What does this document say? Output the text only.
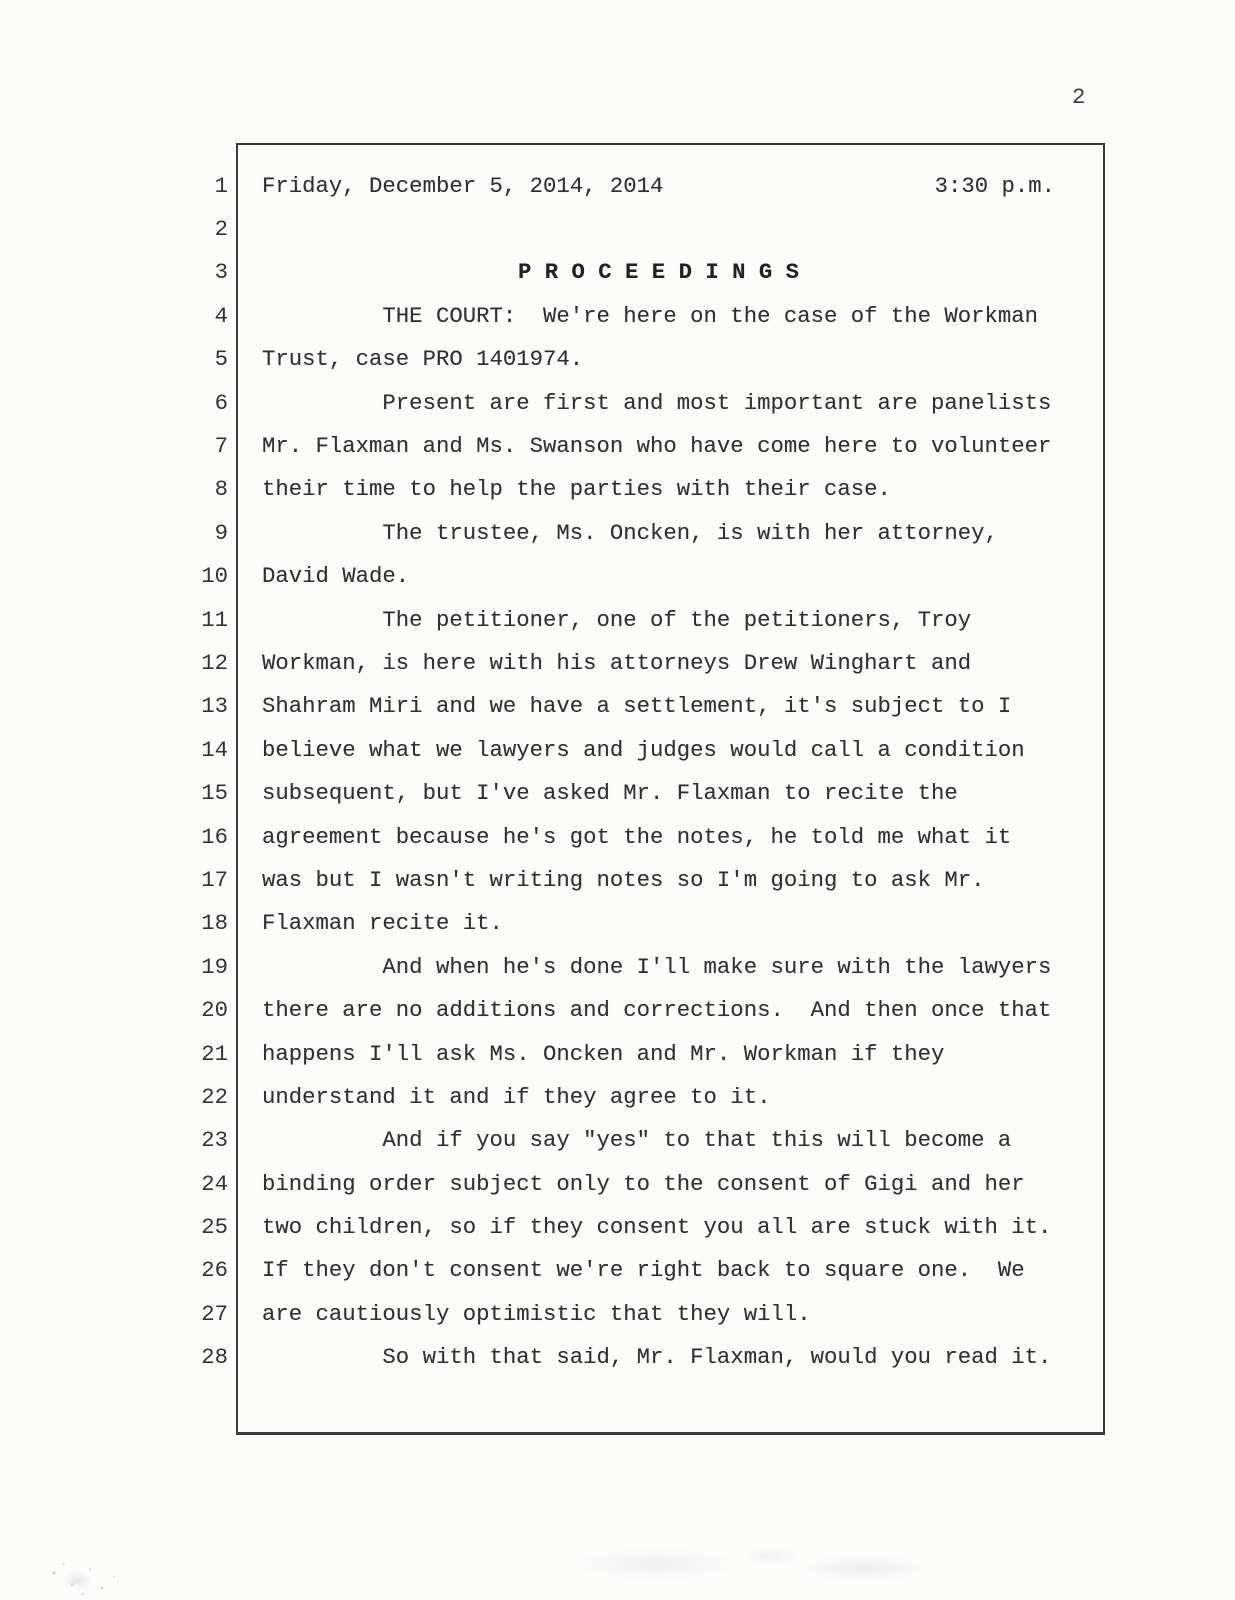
2
1 Friday, December 5, 2014, 2014	3:30 p.m.
2
3	P R O C E E D I N G S
4	THE COURT:  We're here on the case of the Workman
5 Trust, case PRO 1401974.
6	Present are first and most important are panelists
7 Mr. Flaxman and Ms. Swanson who have come here to volunteer
8 their time to help the parties with their case.
9	The trustee, Ms. Oncken, is with her attorney,
10 David Wade.
11	The petitioner, one of the petitioners, Troy
12 Workman, is here with his attorneys Drew Winghart and
13 Shahram Miri and we have a settlement, it's subject to I
14 believe what we lawyers and judges would call a condition
15 subsequent, but I've asked Mr. Flaxman to recite the
16 agreement because he's got the notes, he told me what it
17 was but I wasn't writing notes so I'm going to ask Mr.
18 Flaxman recite it.
19	And when he's done I'll make sure with the lawyers
20 there are no additions and corrections.  And then once that
21 happens I'll ask Ms. Oncken and Mr. Workman if they
22 understand it and if they agree to it.
23	And if you say "yes" to that this will become a
24 binding order subject only to the consent of Gigi and her
25 two children, so if they consent you all are stuck with it.
26 If they don't consent we're right back to square one.  We
27 are cautiously optimistic that they will.
28	So with that said, Mr. Flaxman, would you read it.
